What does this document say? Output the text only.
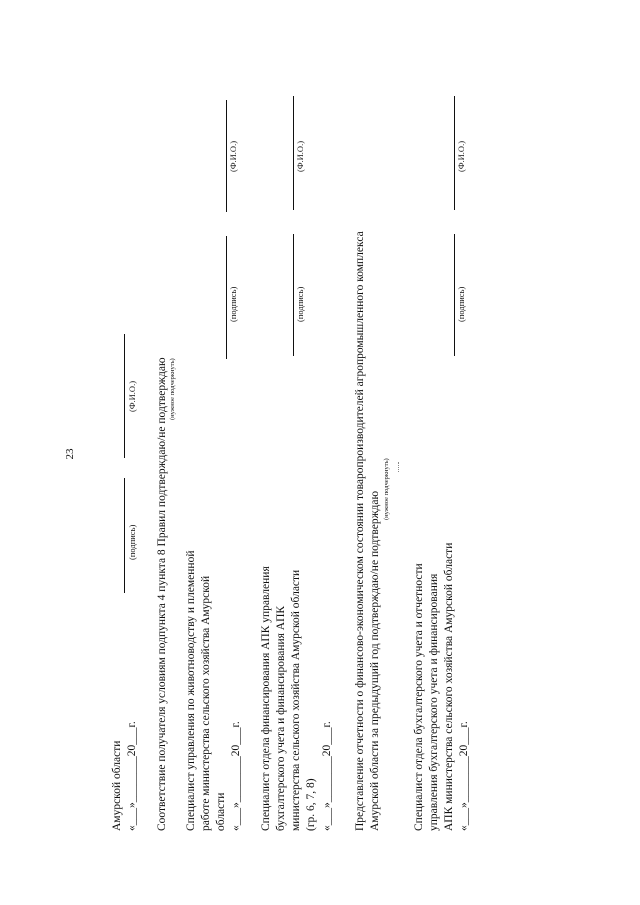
23
Амурской области «___»________20___г.
(подпись)
(Ф.И.О.) Соответствие получателя условиям подпункта 4 пункта 8 Правил подтверждаю/не подтверждаю (нужное подчеркнуть)
Специалист управления по животноводству и племенной работе министерства сельского хозяйства Амурской области «___»________20___г.
(подпись)
(Ф.И.О.)
Специалист отдела финансирования АПК управления бухгалтерского учета и финансирования АПК министерства сельского хозяйства Амурской области (гр. 6, 7, 8) «___»________20___г.
(подпись)
(Ф.И.О.)
Представление отчетности о финансово-экономическом состоянии товаропроизводителей агропромышленного комплекса Амурской области за предыдущий год подтверждаю/не подтверждаю
(нужное подчеркнуть)
Специалист отдела бухгалтерского учета и отчетности управления бухгалтерского учета и финансирования АПК министерства сельского хозяйства Амурской области «___»________20___г.
(подпись)
(Ф.И.О.)
